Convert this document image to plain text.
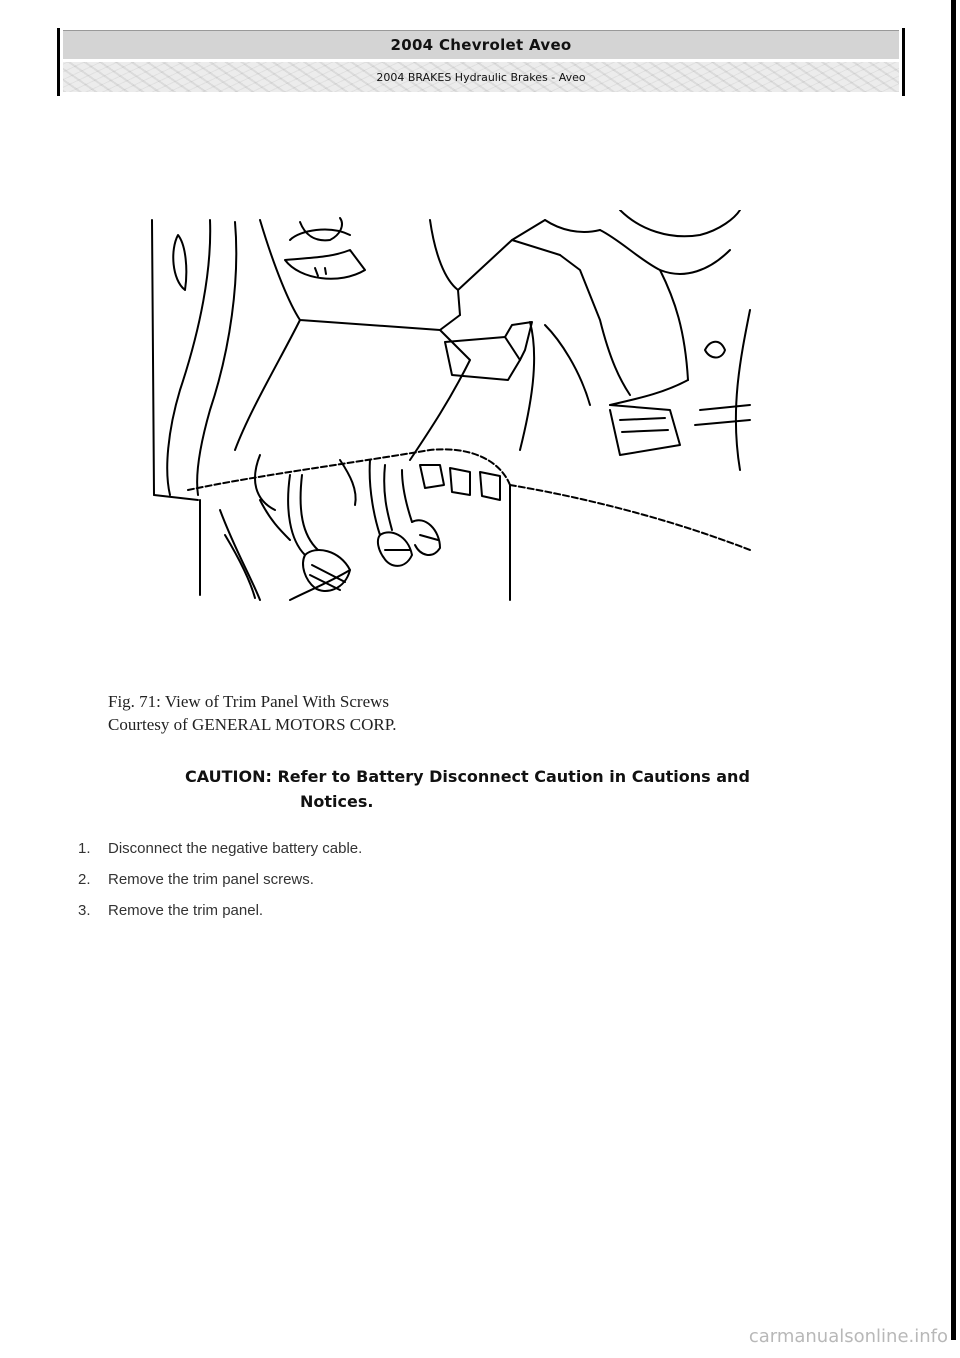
2004 Chevrolet Aveo
2004 BRAKES Hydraulic Brakes - Aveo
Fig. 71: View of Trim Panel With Screws
Courtesy of GENERAL MOTORS CORP.
CAUTION: Refer to Battery Disconnect Caution in Cautions and
Notices.
1.	Disconnect the negative battery cable.
2.	Remove the trim panel screws.
3.	Remove the trim panel.
carmanualsonline.info
